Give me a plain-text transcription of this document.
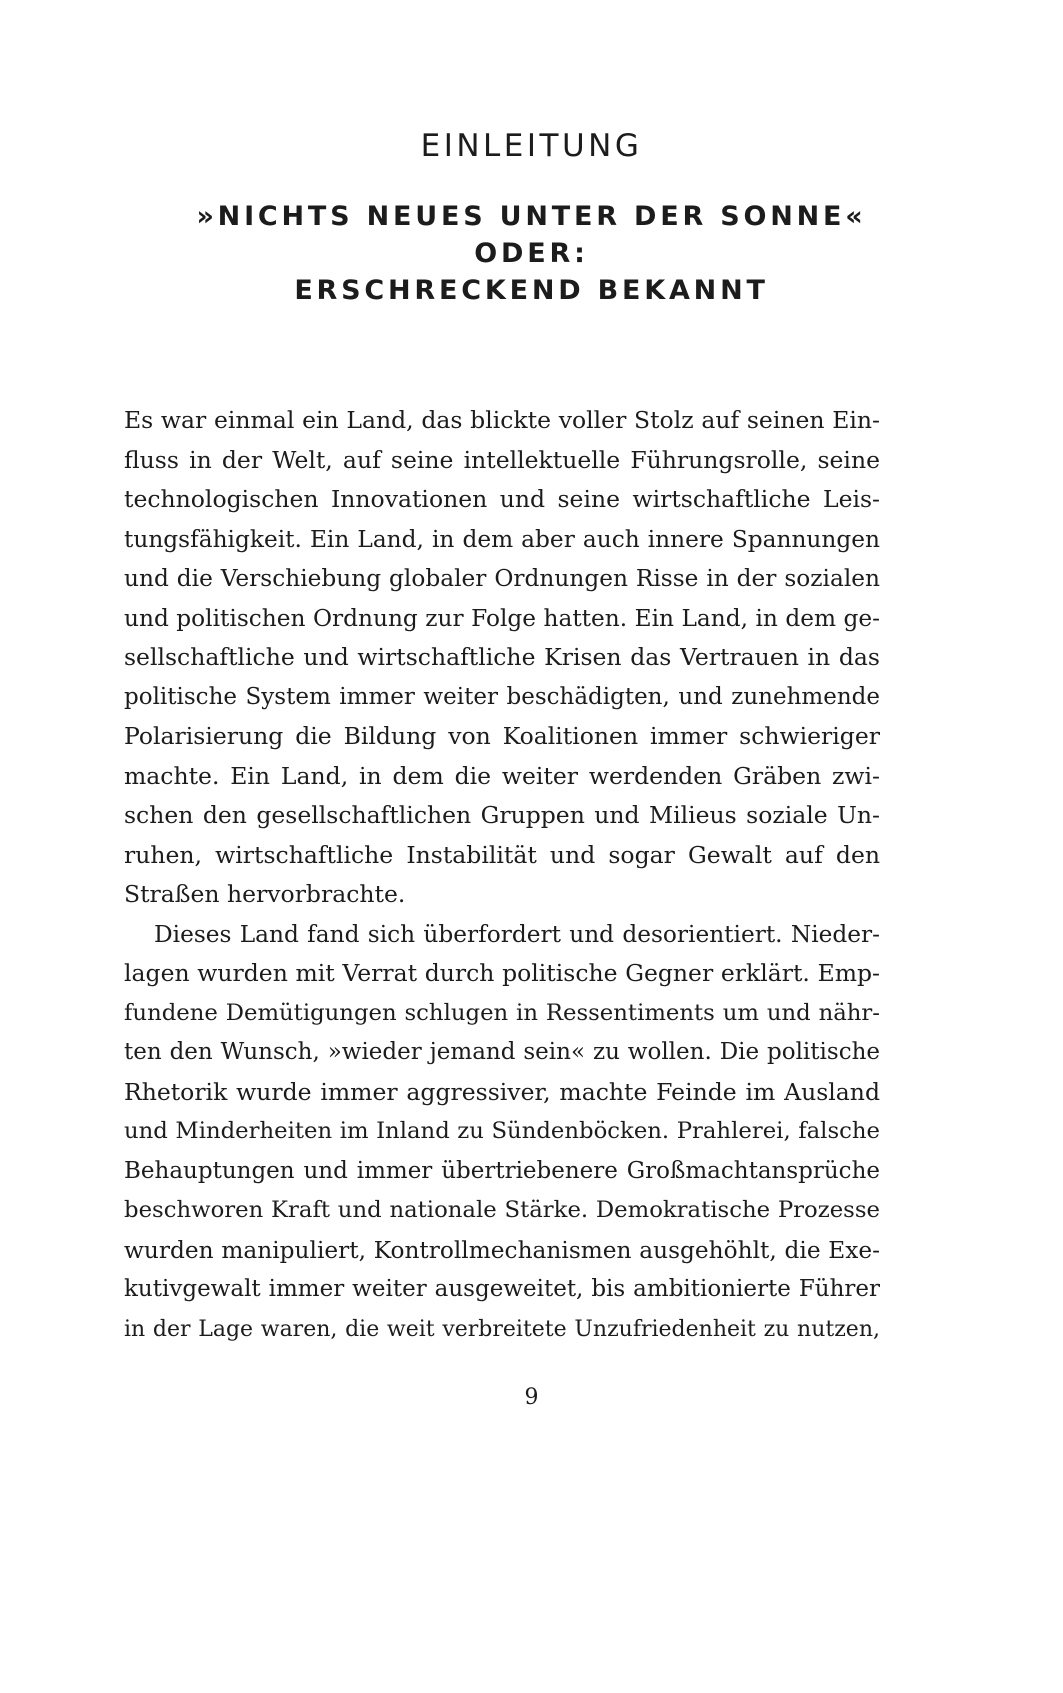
EINLEITUNG
»NICHTS NEUES UNTER DER SONNE«
ODER:
ERSCHRECKEND BEKANNT
Es war einmal ein Land, das blickte voller Stolz auf seinen Ein-
fluss in der Welt, auf seine intellektuelle Führungsrolle, seine
technologischen Innovationen und seine wirtschaftliche Leis-
tungsfähigkeit. Ein Land, in dem aber auch innere Spannungen
und die Verschiebung globaler Ordnungen Risse in der sozialen
und politischen Ordnung zur Folge hatten. Ein Land, in dem ge-
sellschaftliche und wirtschaftliche Krisen das Vertrauen in das
politische System immer weiter beschädigten, und zunehmende
Polarisierung die Bildung von Koalitionen immer schwieriger
machte. Ein Land, in dem die weiter werdenden Gräben zwi-
schen den gesellschaftlichen Gruppen und Milieus soziale Un-
ruhen, wirtschaftliche Instabilität und sogar Gewalt auf den
Straßen hervorbrachte.
Dieses Land fand sich überfordert und desorientiert. Nieder-
lagen wurden mit Verrat durch politische Gegner erklärt. Emp-
fundene Demütigungen schlugen in Ressentiments um und nähr-
ten den Wunsch, »wieder jemand sein« zu wollen. Die politische
Rhetorik wurde immer aggressiver, machte Feinde im Ausland
und Minderheiten im Inland zu Sündenböcken. Prahlerei, falsche
Behauptungen und immer übertriebenere Großmachtansprüche
beschworen Kraft und nationale Stärke. Demokratische Prozesse
wurden manipuliert, Kontrollmechanismen ausgehöhlt, die Exe-
kutivgewalt immer weiter ausgeweitet, bis ambitionierte Führer
in der Lage waren, die weit verbreitete Unzufriedenheit zu nutzen,
9
